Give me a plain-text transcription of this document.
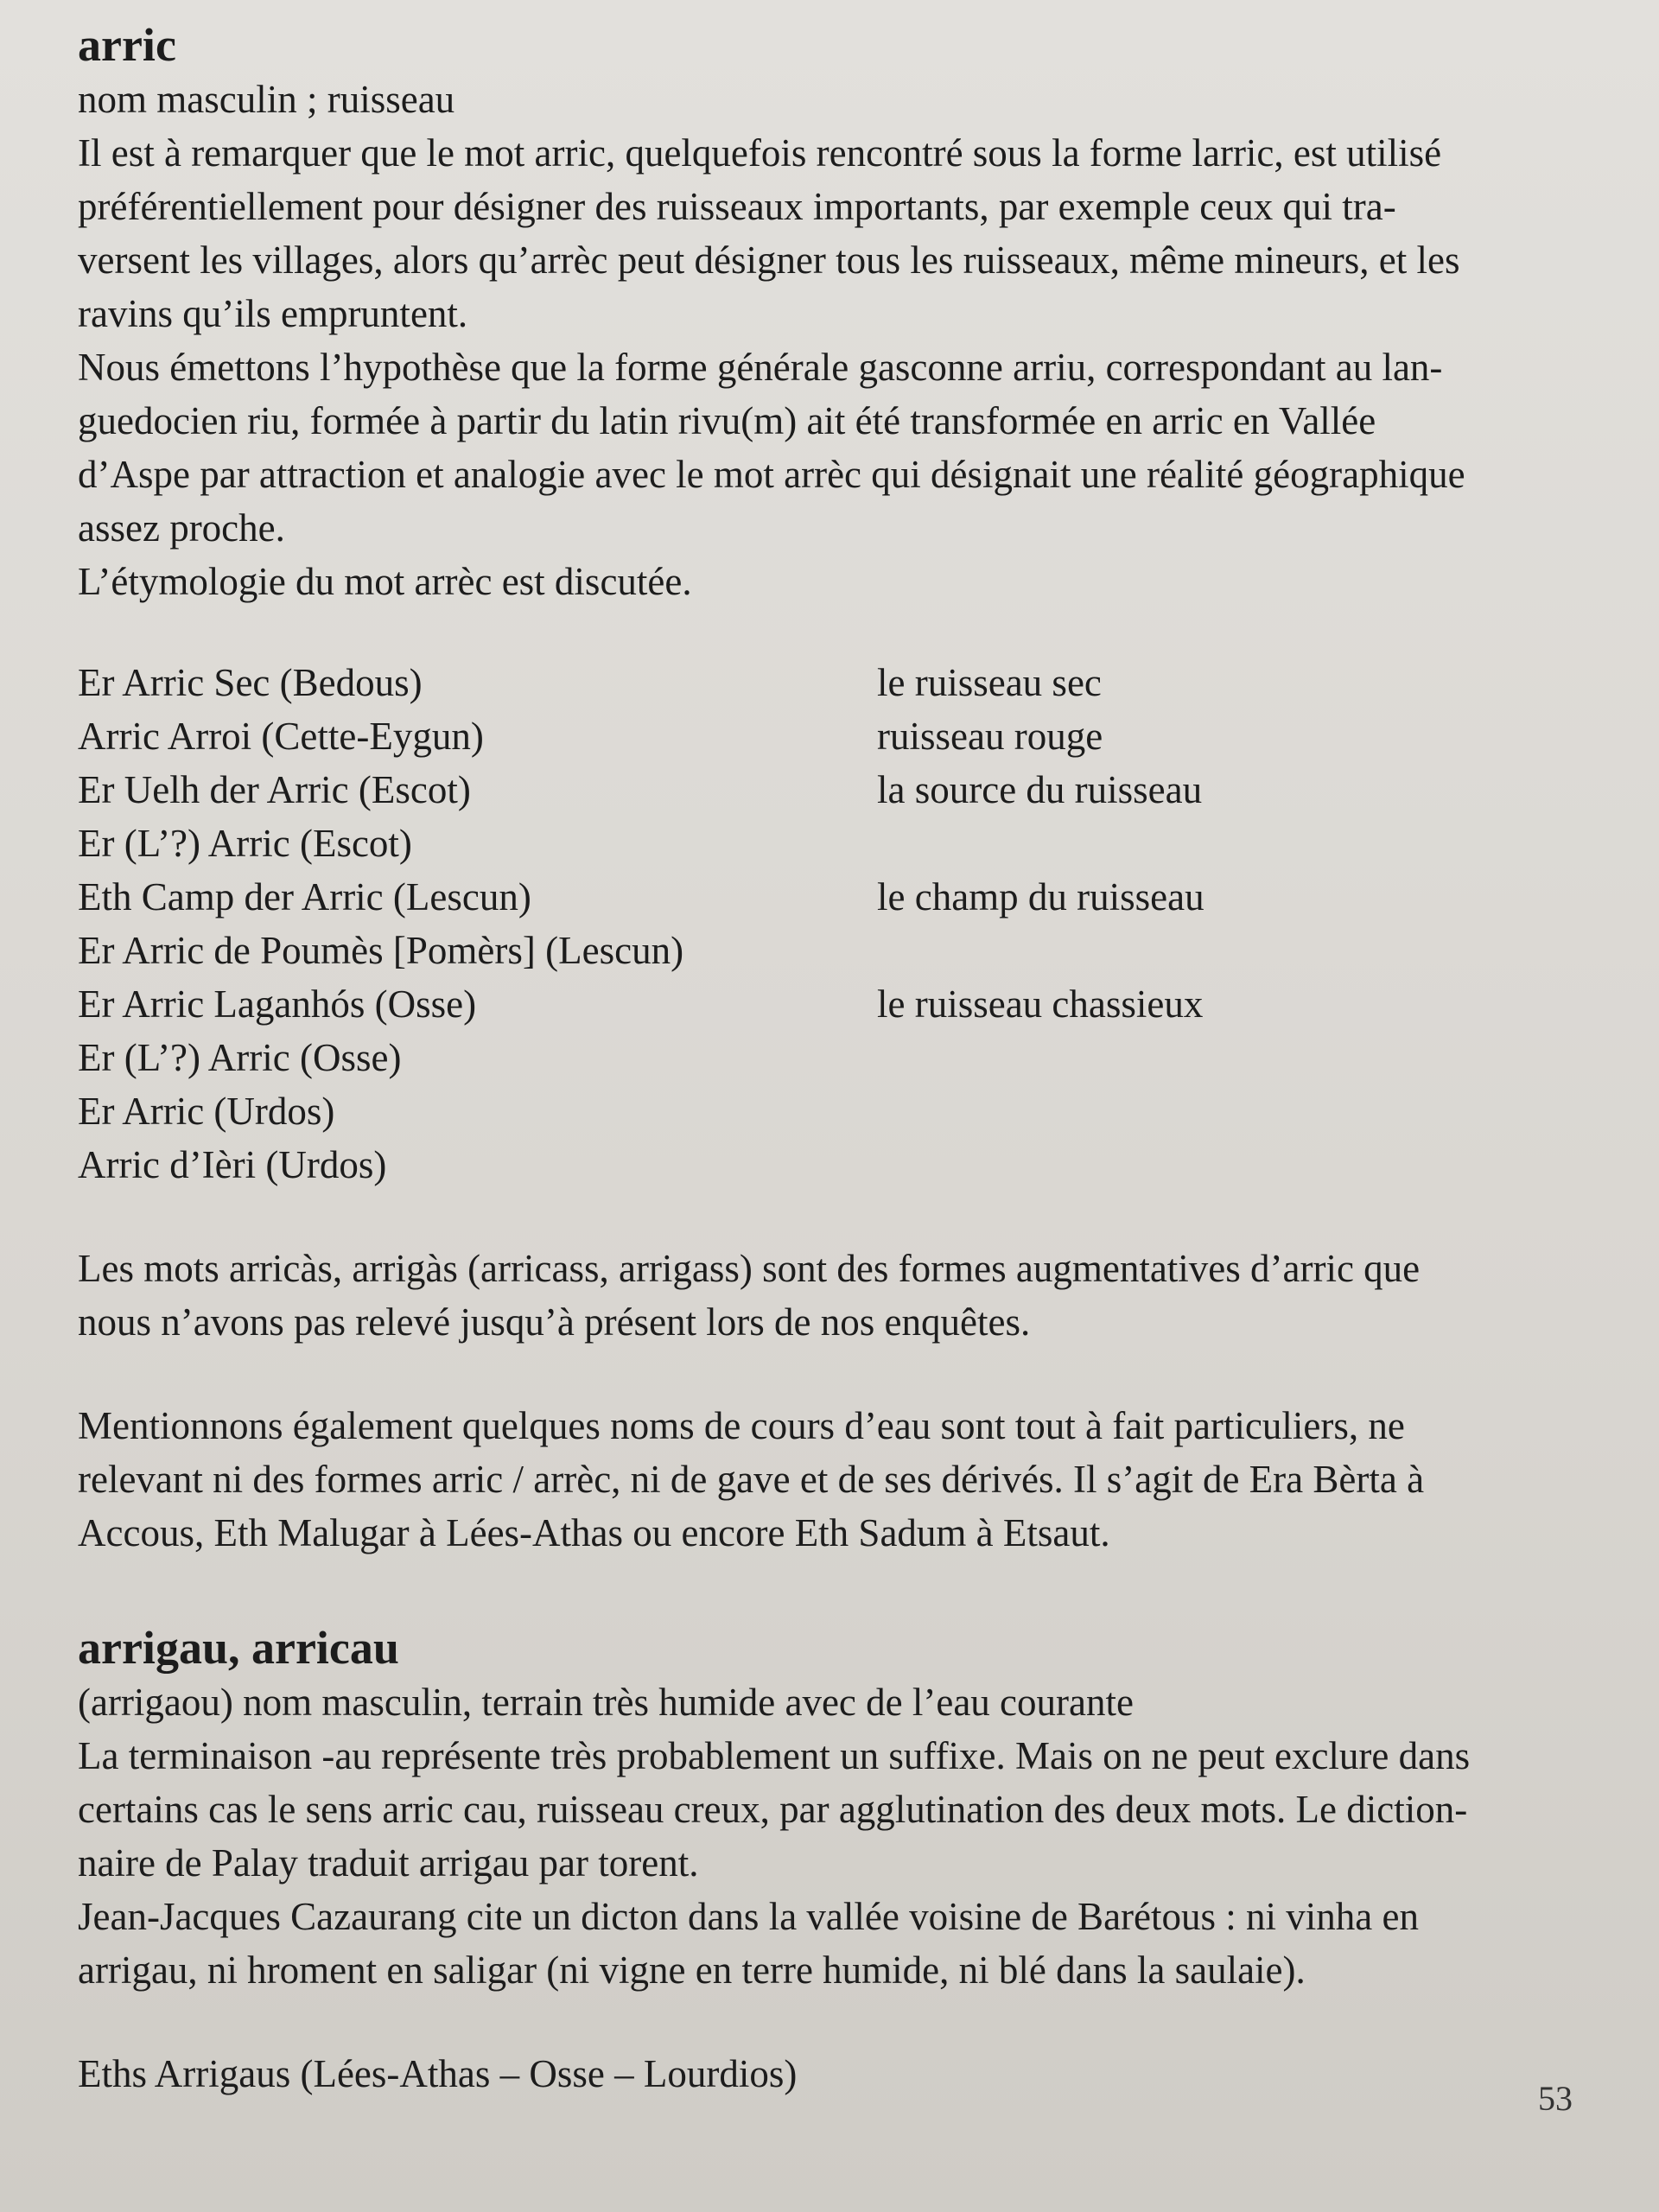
arric
nom masculin ; ruisseau
Il est à remarquer que le mot arric, quelquefois rencontré sous la forme larric, est utilisé
préférentiellement pour désigner des ruisseaux importants, par exemple ceux qui tra-
versent les villages, alors qu’arrèc peut désigner tous les ruisseaux, même mineurs, et les
ravins qu’ils empruntent.
Nous émettons l’hypothèse que la forme générale gasconne arriu, correspondant au lan-
guedocien riu, formée à partir du latin rivu(m) ait été transformée en arric en Vallée
d’Aspe par attraction et analogie avec le mot arrèc qui désignait une réalité géographique
assez proche.
L’étymologie du mot arrèc est discutée.
Er Arric Sec (Bedous)	le ruisseau sec
Arric Arroi (Cette-Eygun)	ruisseau rouge
Er Uelh der Arric (Escot)	la source du ruisseau
Er (L’?) Arric (Escot)
Eth Camp der Arric (Lescun)	le champ du ruisseau
Er Arric de Poumès [Pomèrs] (Lescun)
Er Arric Laganhós (Osse)	le ruisseau chassieux
Er (L’?) Arric (Osse)
Er Arric (Urdos)
Arric d’Ièri (Urdos)
Les mots arricàs, arrigàs (arricass, arrigass) sont des formes augmentatives d’arric que
nous n’avons pas relevé jusqu’à présent lors de nos enquêtes.
Mentionnons également quelques noms de cours d’eau sont tout à fait particuliers, ne
relevant ni des formes arric / arrèc, ni de gave et de ses dérivés. Il s’agit de Era Bèrta à
Accous, Eth Malugar à Lées-Athas ou encore Eth Sadum à Etsaut.
arrigau, arricau
(arrigaou) nom masculin, terrain très humide avec de l’eau courante
La terminaison -au représente très probablement un suffixe. Mais on ne peut exclure dans
certains cas le sens arric cau, ruisseau creux, par agglutination des deux mots. Le diction-
naire de Palay traduit arrigau par torent.
Jean-Jacques Cazaurang cite un dicton dans la vallée voisine de Barétous : ni vinha en
arrigau, ni hroment en saligar (ni vigne en terre humide, ni blé dans la saulaie).
Eths Arrigaus (Lées-Athas – Osse – Lourdios)
53
